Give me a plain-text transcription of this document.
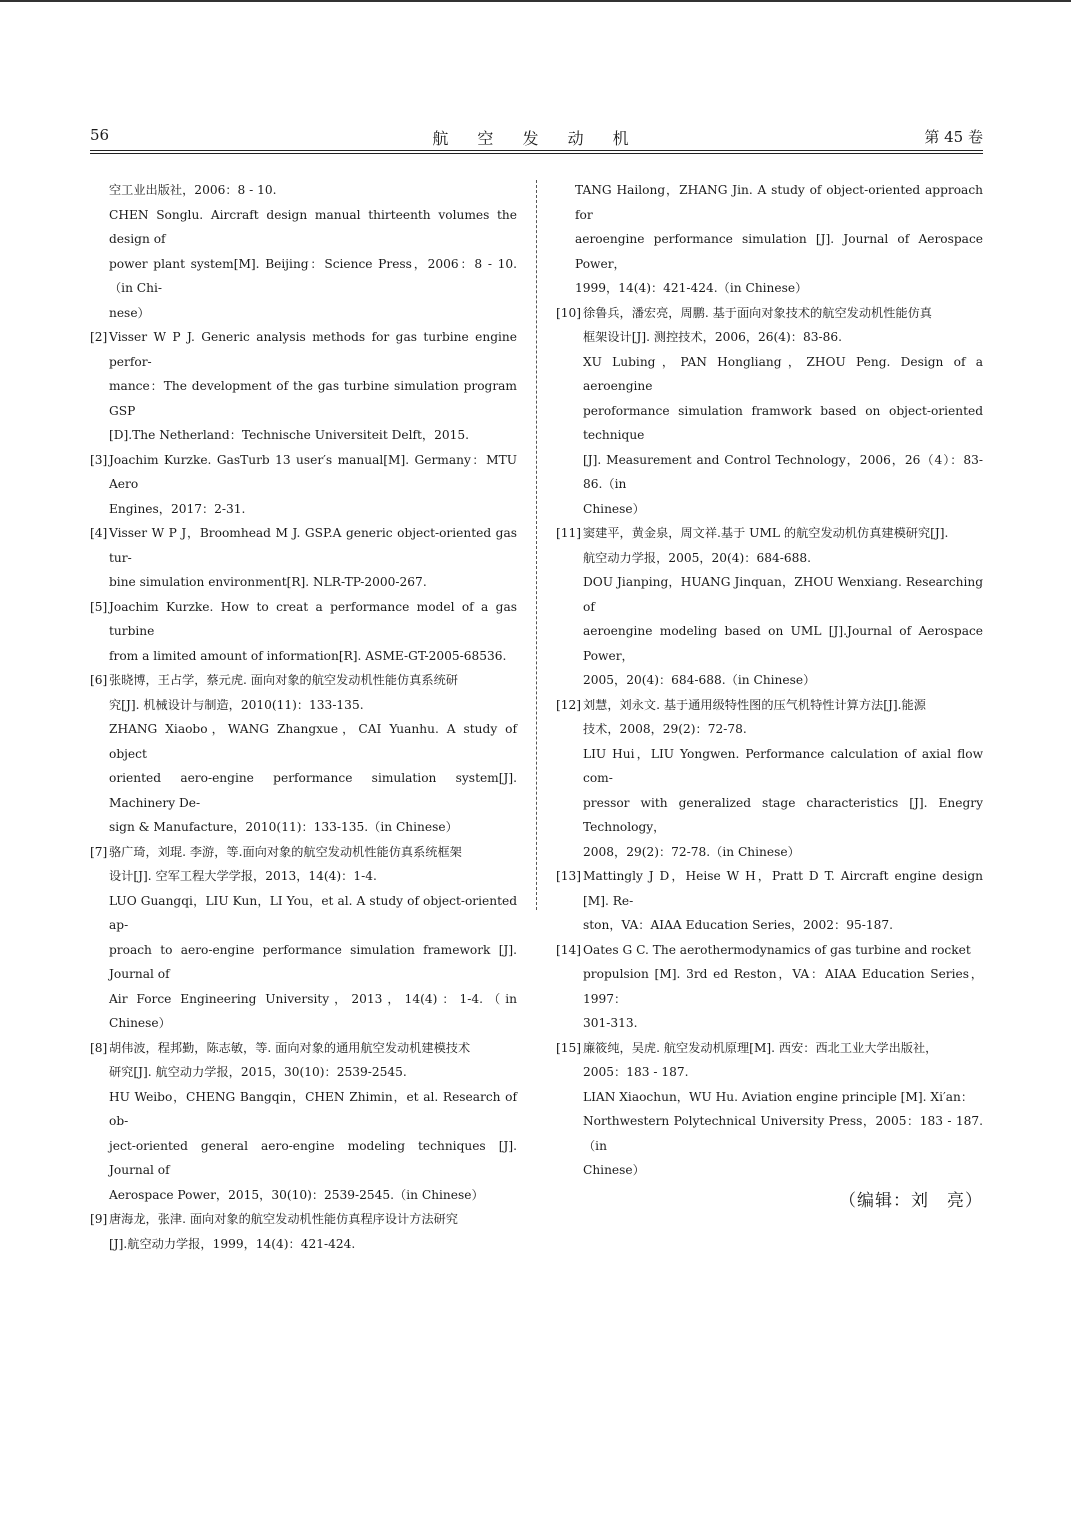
56	航 空 发 动 机	第 45 卷
空工业出版社，2006：8 - 10.
CHEN Songlu. Aircraft design manual thirteenth volumes the design of
power plant system[M]. Beijing：Science Press，2006：8 - 10.（in Chi-
nese）
[2] Visser W P J. Generic analysis methods for gas turbine engine perfor-
mance：The development of the gas turbine simulation program GSP
[D].The Netherland：Technische Universiteit Delft，2015.
[3] Joachim Kurzke. GasTurb 13 user′s manual[M]. Germany：MTU Aero
Engines，2017：2-31.
[4] Visser W P J，Broomhead M J. GSP.A generic object-oriented gas tur-
bine simulation environment[R]. NLR-TP-2000-267.
[5] Joachim Kurzke. How to creat a performance model of a gas turbine
from a limited amount of information[R]. ASME-GT-2005-68536.
[6] 张晓博，王占学，蔡元虎. 面向对象的航空发动机性能仿真系统研
究[J]. 机械设计与制造，2010(11)：133-135.
ZHANG Xiaobo，WANG Zhangxue，CAI Yuanhu. A study of object
oriented aero-engine performance simulation system[J]. Machinery De-
sign & Manufacture，2010(11)：133-135.（in Chinese）
[7] 骆广琦，刘琨. 李游，等.面向对象的航空发动机性能仿真系统框架
设计[J]. 空军工程大学学报，2013，14(4)：1-4.
LUO Guangqi，LIU Kun，LI You，et al. A study of object-oriented ap-
proach to aero-engine performance simulation framework [J]. Journal of
Air Force Engineering University，2013，14(4)：1-4.（in Chinese）
[8] 胡伟波，程邦勤，陈志敏，等. 面向对象的通用航空发动机建模技术
研究[J]. 航空动力学报，2015，30(10)：2539-2545.
HU Weibo，CHENG Bangqin，CHEN Zhimin，et al. Research of ob-
ject-oriented general aero-engine modeling techniques [J]. Journal of
Aerospace Power，2015，30(10)：2539-2545.（in Chinese）
[9] 唐海龙，张津. 面向对象的航空发动机性能仿真程序设计方法研究
[J].航空动力学报，1999，14(4)：421-424.
TANG Hailong，ZHANG Jin. A study of object-oriented approach for
aeroengine performance simulation [J]. Journal of Aerospace Power，
1999，14(4)：421-424.（in Chinese）
[10] 徐鲁兵，潘宏亮，周鹏. 基于面向对象技术的航空发动机性能仿真
框架设计[J]. 测控技术，2006，26(4)：83-86.
XU Lubing，PAN Hongliang，ZHOU Peng. Design of a aeroengine
peroformance simulation framwork based on object-oriented technique
[J]. Measurement and Control Technology，2006，26（4）：83-86.（in
Chinese）
[11] 窦建平，黄金泉，周文祥.基于 UML 的航空发动机仿真建模研究[J].
航空动力学报，2005，20(4)：684-688.
DOU Jianping，HUANG Jinquan，ZHOU Wenxiang. Researching of
aeroengine modeling based on UML [J].Journal of Aerospace Power，
2005，20(4)：684-688.（in Chinese）
[12] 刘慧，刘永文. 基于通用级特性图的压气机特性计算方法[J].能源
技术，2008，29(2)：72-78.
LIU Hui，LIU Yongwen. Performance calculation of axial flow com-
pressor with generalized stage characteristics [J]. Enegry Technology，
2008，29(2)：72-78.（in Chinese）
[13] Mattingly J D，Heise W H，Pratt D T. Aircraft engine design [M]. Re-
ston，VA：AIAA Education Series，2002：95-187.
[14] Oates G C. The aerothermodynamics of gas turbine and rocket
propulsion [M]. 3rd ed Reston，VA：AIAA Education Series，1997：
301-313.
[15] 廉筱纯，吴虎. 航空发动机原理[M]. 西安：西北工业大学出版社，
2005：183 - 187.
LIAN Xiaochun，WU Hu. Aviation engine principle [M]. Xi′an：
Northwestern Polytechnical University Press，2005：183 - 187.（in
Chinese）
（编辑：刘　亮）
